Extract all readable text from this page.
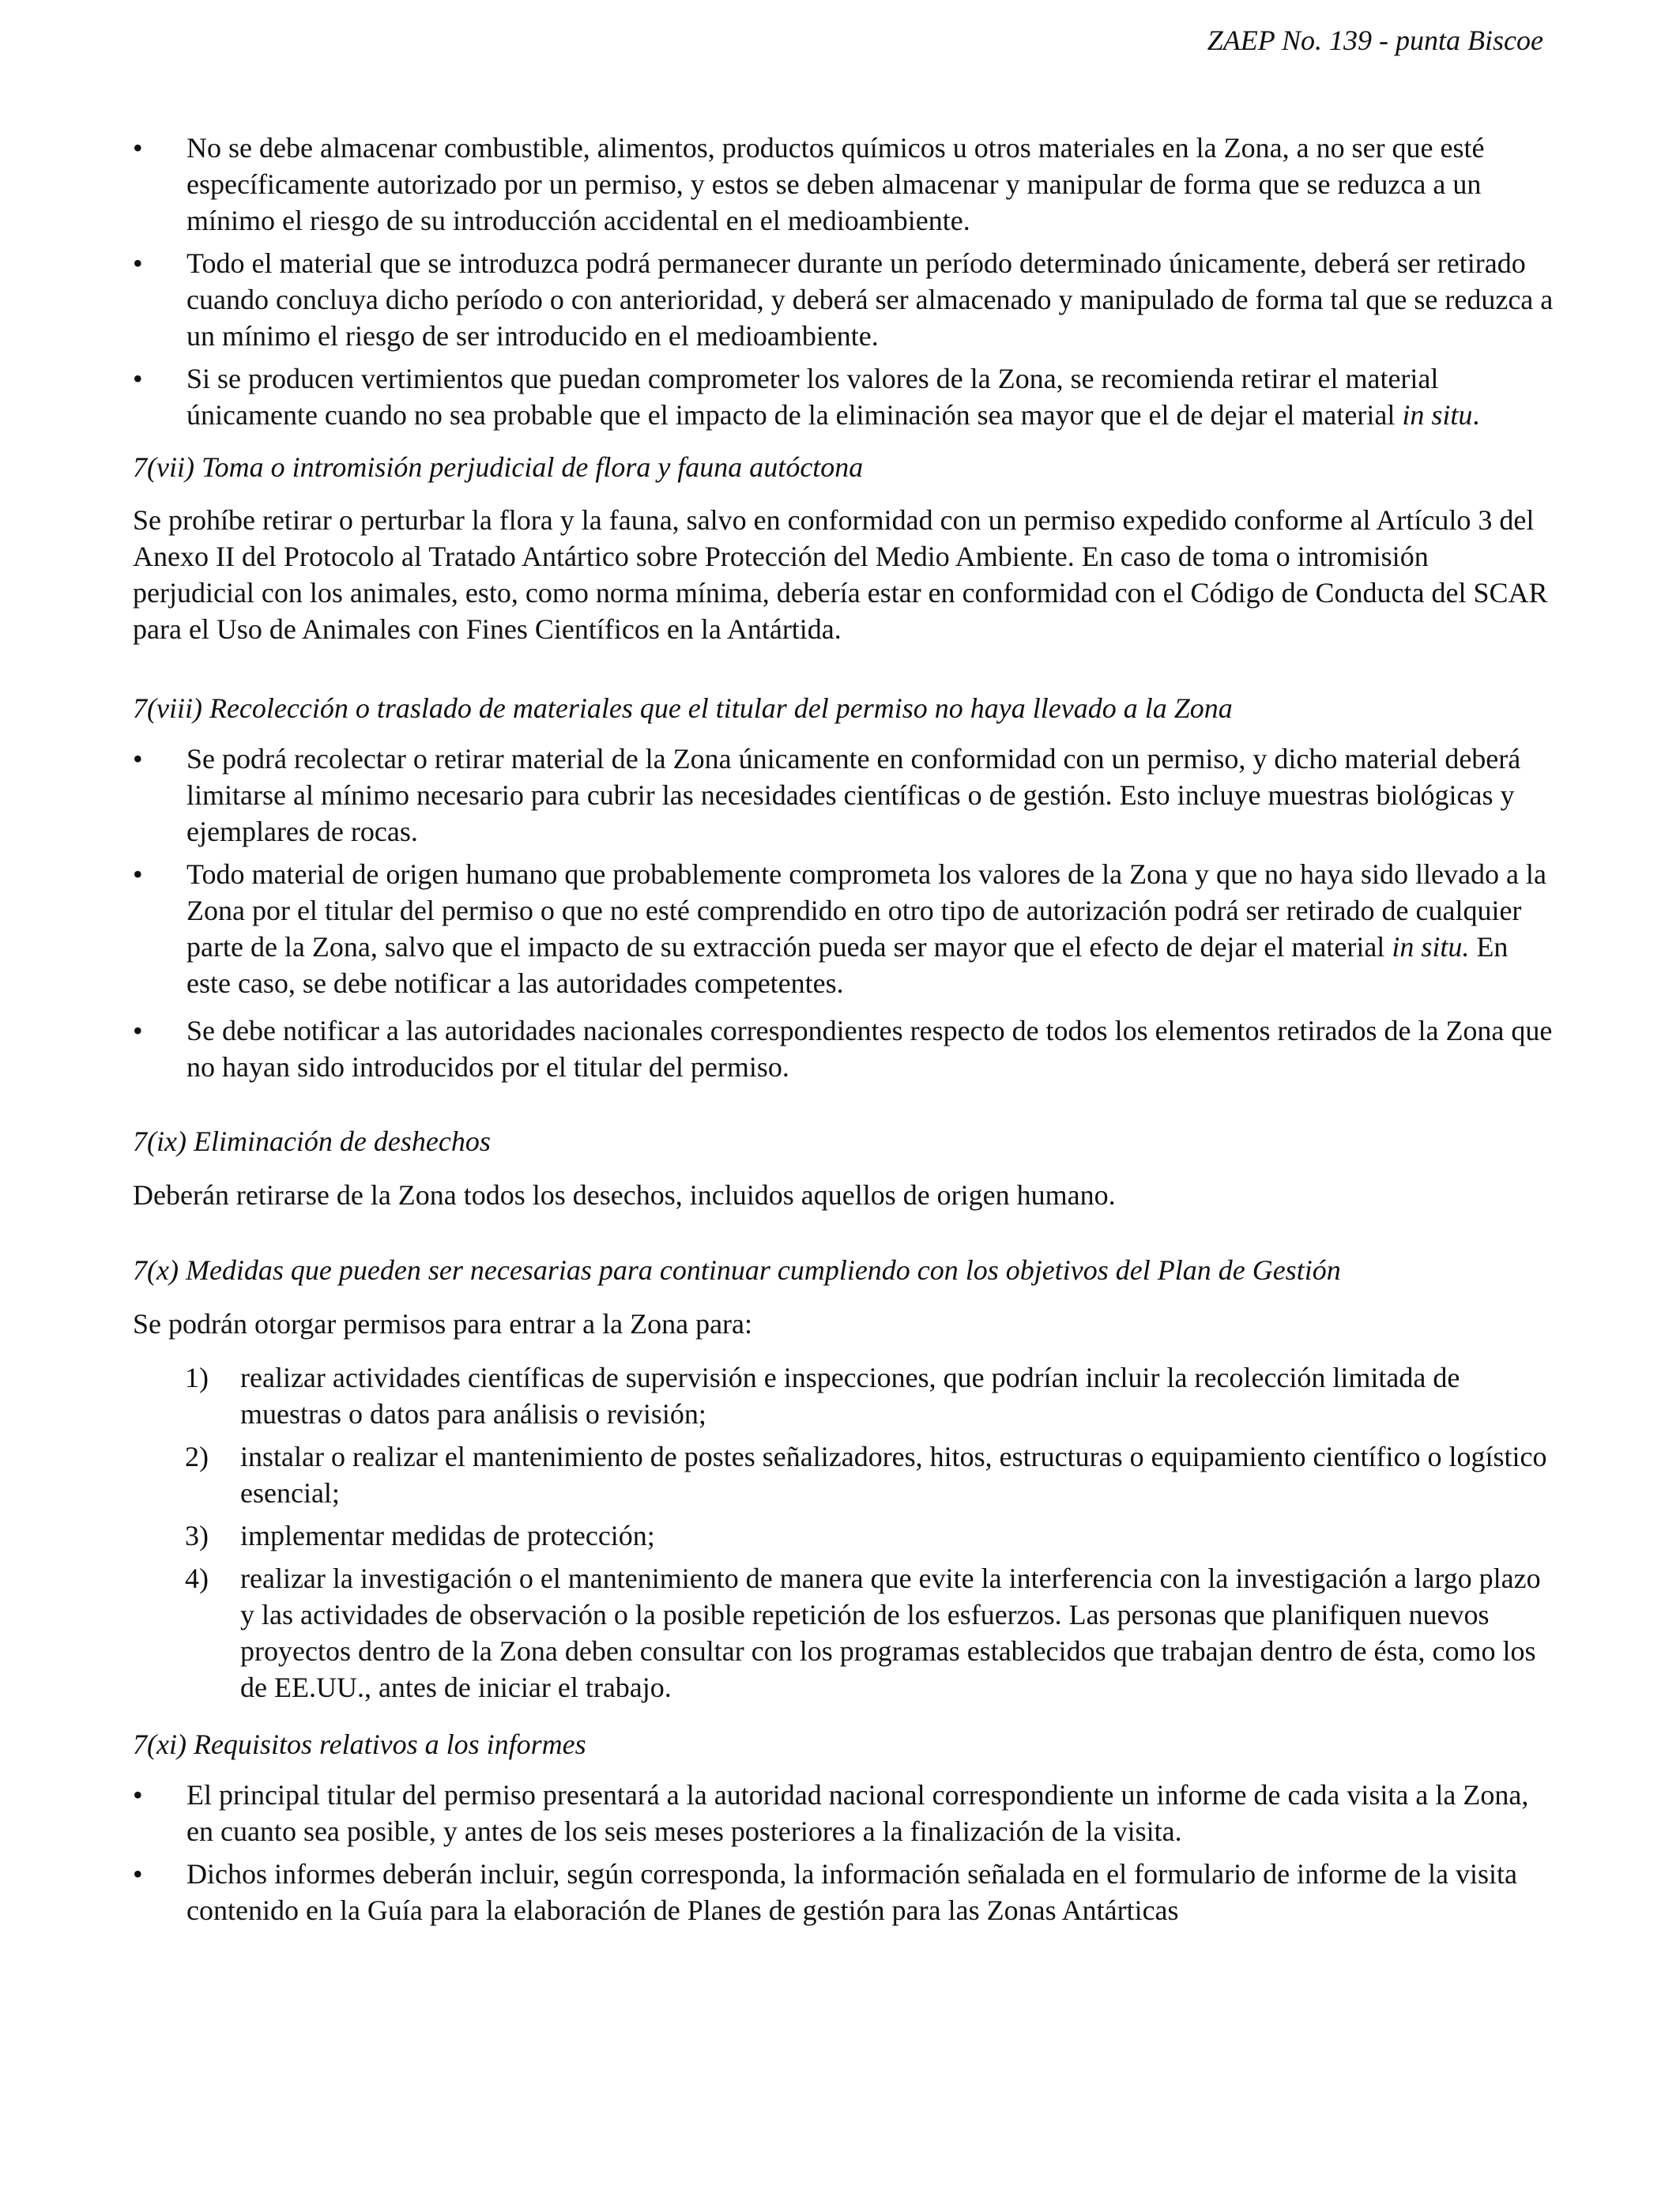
ZAEP No. 139 - punta Biscoe
•	No se debe almacenar combustible, alimentos, productos químicos u otros materiales en la Zona, a no ser que esté específicamente autorizado por un permiso, y estos se deben almacenar y manipular de forma que se reduzca a un mínimo el riesgo de su introducción accidental en el medioambiente.
•	Todo el material que se introduzca podrá permanecer durante un período determinado únicamente, deberá ser retirado cuando concluya dicho período o con anterioridad, y deberá ser almacenado y manipulado de forma tal que se reduzca a un mínimo el riesgo de ser introducido en el medioambiente.
•	Si se producen vertimientos que puedan comprometer los valores de la Zona, se recomienda retirar el material únicamente cuando no sea probable que el impacto de la eliminación sea mayor que el de dejar el material in situ.

7(vii) Toma o intromisión perjudicial de flora y fauna autóctona

Se prohíbe retirar o perturbar la flora y la fauna, salvo en conformidad con un permiso expedido conforme al Artículo 3 del Anexo II del Protocolo al Tratado Antártico sobre Protección del Medio Ambiente. En caso de toma o intromisión perjudicial con los animales, esto, como norma mínima, debería estar en conformidad con el Código de Conducta del SCAR para el Uso de Animales con Fines Científicos en la Antártida.

7(viii) Recolección o traslado de materiales que el titular del permiso no haya llevado a la Zona

•	Se podrá recolectar o retirar material de la Zona únicamente en conformidad con un permiso, y dicho material deberá limitarse al mínimo necesario para cubrir las necesidades científicas o de gestión. Esto incluye muestras biológicas y ejemplares de rocas.
•	Todo material de origen humano que probablemente comprometa los valores de la Zona y que no haya sido llevado a la Zona por el titular del permiso o que no esté comprendido en otro tipo de autorización podrá ser retirado de cualquier parte de la Zona, salvo que el impacto de su extracción pueda ser mayor que el efecto de dejar el material in situ. En este caso, se debe notificar a las autoridades competentes.
•	Se debe notificar a las autoridades nacionales correspondientes respecto de todos los elementos retirados de la Zona que no hayan sido introducidos por el titular del permiso.

7(ix) Eliminación de deshechos

Deberán retirarse de la Zona todos los desechos, incluidos aquellos de origen humano.

7(x) Medidas que pueden ser necesarias para continuar cumpliendo con los objetivos del Plan de Gestión

Se podrán otorgar permisos para entrar a la Zona para:

1) realizar actividades científicas de supervisión e inspecciones, que podrían incluir la recolección limitada de muestras o datos para análisis o revisión;
2) instalar o realizar el mantenimiento de postes señalizadores, hitos, estructuras o equipamiento científico o logístico esencial;
3) implementar medidas de protección;
4) realizar la investigación o el mantenimiento de manera que evite la interferencia con la investigación a largo plazo y las actividades de observación o la posible repetición de los esfuerzos. Las personas que planifiquen nuevos proyectos dentro de la Zona deben consultar con los programas establecidos que trabajan dentro de ésta, como los de EE.UU., antes de iniciar el trabajo.

7(xi) Requisitos relativos a los informes

•	El principal titular del permiso presentará a la autoridad nacional correspondiente un informe de cada visita a la Zona, en cuanto sea posible, y antes de los seis meses posteriores a la finalización de la visita.
•	Dichos informes deberán incluir, según corresponda, la información señalada en el formulario de informe de la visita contenido en la Guía para la elaboración de Planes de gestión para las Zonas Antárticas
